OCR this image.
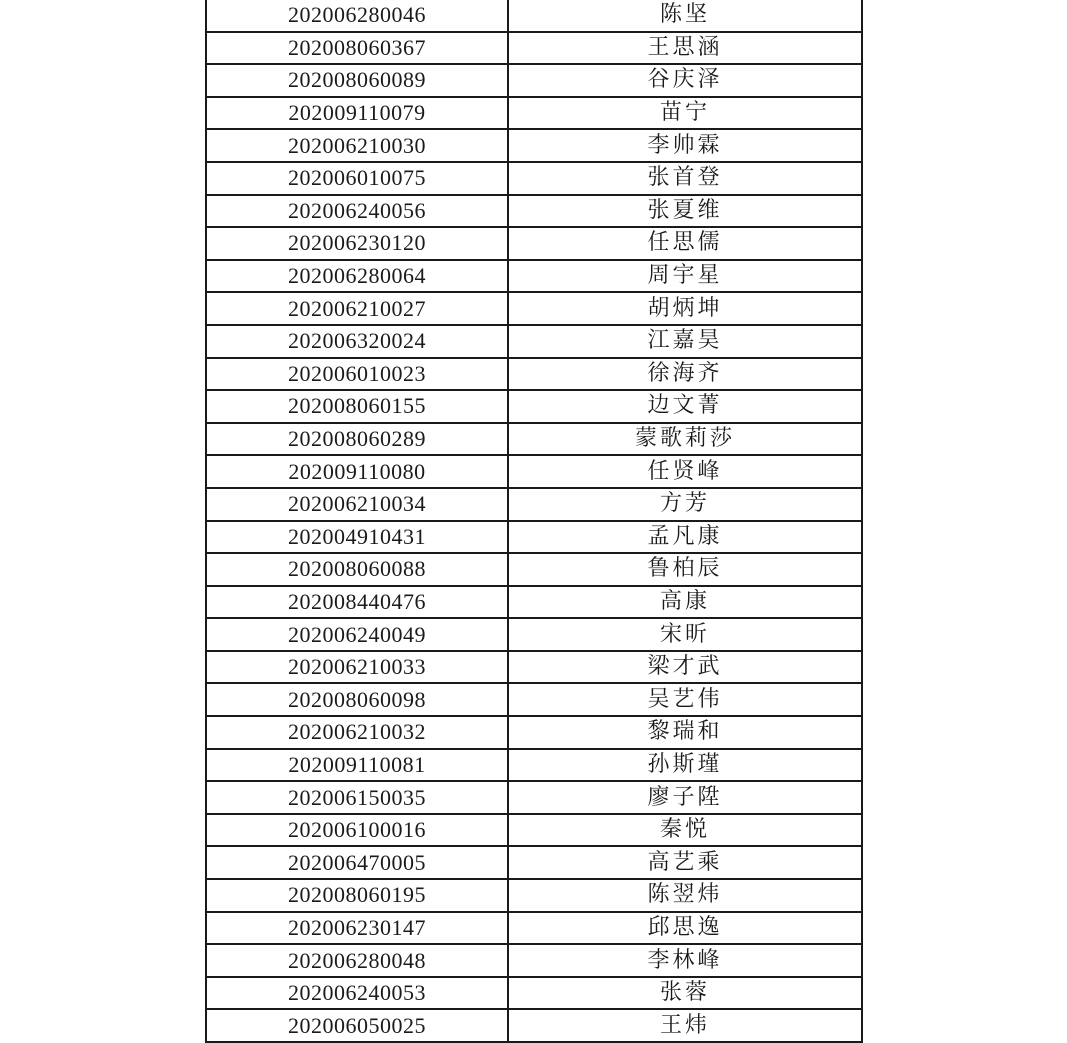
202006280046	陈坚
202008060367	王思涵
202008060089	谷庆泽
202009110079	苗宁
202006210030	李帅霖
202006010075	张首登
202006240056	张夏维
202006230120	任思儒
202006280064	周宇星
202006210027	胡炳坤
202006320024	江嘉昊
202006010023	徐海齐
202008060155	边文菁
202008060289	蒙歌莉莎
202009110080	任贤峰
202006210034	方芳
202004910431	孟凡康
202008060088	鲁柏辰
202008440476	高康
202006240049	宋昕
202006210033	梁才武
202008060098	吴艺伟
202006210032	黎瑞和
202009110081	孙斯瑾
202006150035	廖子陞
202006100016	秦悦
202006470005	高艺乘
202008060195	陈翌炜
202006230147	邱思逸
202006280048	李林峰
202006240053	张蓉
202006050025	王炜
